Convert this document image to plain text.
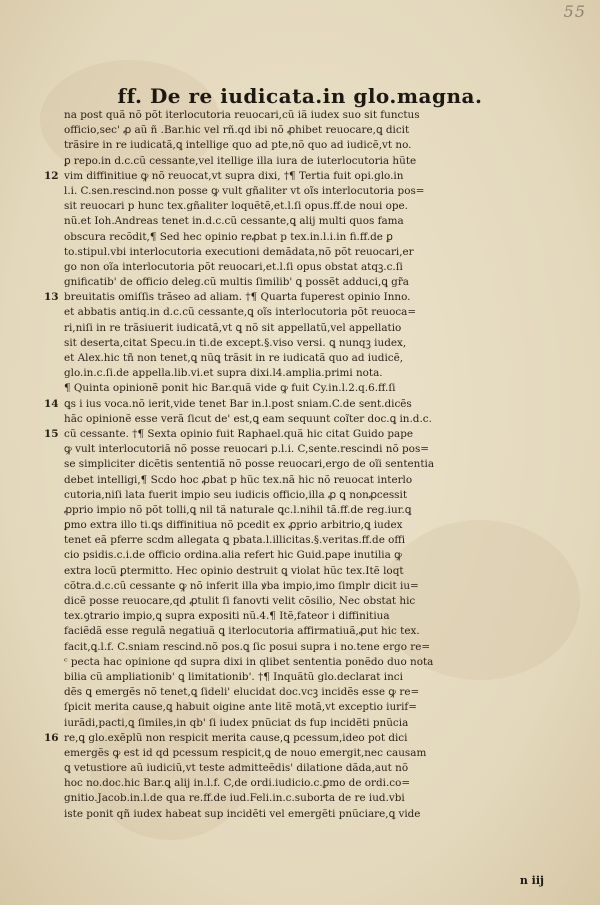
55
ff. De re iudicata.in glo.magna.
na post quã nõ põt iterlocutoria reuocari,cũ iã iudex suo sit functus
officio,sec' ꝓ aũ ñ .Bar.hic vel rñ.qd ibi nõ ꝓhibet reuocare,ꝗ dicit
trãsire in re iudicatã,ꝗ intellige quo ad pte,nõ quo ad iudicẽ,vt no.
ꝑ repo.in d.c.cũ cessante,vel itellige illa iura de iuterlocutoria hũte
vim diffinitiue ꝙ nõ reuocat,vt supra dixi, †¶ Tertia fuit opi.glo.in
l.i. C.sen.rescind.non posse ꝙ vult gñaliter vt oĩs interlocutoria pos=
sit reuocari p hunc tex.gñaliter loquẽtẽ,et.l.ſi opus.ff.de noui ope.
nũ.et Ioh.Andreas tenet in.d.c.cũ cessante,ꝗ alij multi quos fama
obscura recõdit,¶ Sed hec opinio reꝓbat p tex.in.l.i.in fi.ff.de ꝑ
to.stipul.vbi interlocutoria executioni demãdata,nõ põt reuocari,er
go non oĩa interlocutoria põt reuocari,et.l.ſi opus obstat atqꝫ.c.ſi
gnificatib' de officio deleg.cũ multis ſimilib' ꝗ possẽt adduci,ꝗ gr̃a
breuitatis omiſſis trãseo ad aliam. †¶ Quarta fuperest opinio Inno.
et abbatis antiq.in d.c.cũ cessante,ꝗ oĩs interlocutoria põt reuoca=
ri,niſi in re trãsiuerit iudicatã,vt ꝗ nõ sit appellatũ,vel appellatio
sit deserta,citat Specu.in ti.de except.§.viso versi. ꝗ nunqꝫ iudex,
et Alex.hic tñ non tenet,ꝗ nũꝗ trãsit in re iudicatã quo ad iudicẽ,
glo.in.c.ſi.de appella.lib.vi.et supra dixi.l4.amplia.primi nota.
¶ Quinta opinionẽ ponit hic Bar.quã vide ꝙ fuit Cy.in.l.2.q.6.ff.ſi
ꝗs i ius voca.nõ ierit,vide tenet Bar in.l.post sniam.C.de sent.dicẽs
hãc opinionẽ esse verã ſicut de' est,ꝗ eam sequunt coĩter doc.ꝗ in.d.c.
cũ cessante. †¶ Sexta opinio fuit Raphael.quã hic citat Guido pape
ꝙ vult interlocutoriã nõ posse reuocari p.l.i. C,sente.rescindi nõ pos=
se simpliciter dicẽtis sententiã nõ posse reuocari,ergo de oĩi sententia
debet intelligi,¶ Scdo hoc ꝓbat p hũc tex.nã hic nõ reuocat interlo
cutoria,niſi lata fuerit impio seu iudicis officio,illa ꝓ ꝗ nonꝓcessit
ꝓprio impio nõ põt tolli,ꝗ nil tã naturale ꝗc.l.nihil tã.ff.de reg.iur.ꝗ
ꝑmo extra illo ti.ꝗs diffinitiua nõ pcedit ex ꝓprio arbitrio,ꝗ iudex
tenet eã pferre scdm allegata ꝗ pbata.l.illicitas.§.veritas.ff.de offi
cio psidis.c.i.de officio ordina.alia refert hic Guid.pape inutilia ꝙ
extra locũ ꝑtermitto. Hec opinio destruit ꝗ violat hũc tex.Itẽ loqt
cõtra.d.c.cũ cessante ꝙ nõ inferit illa ꝟba impio,imo ſimplr dicit iu=
dicẽ posse reuocare,qd ꝓtulit ſi fanovti velit cõsilio, Nec obstat hic
tex.ꝯtrario impio,ꝗ supra expositi nũ.4.¶ Itẽ,fateor i diffinitiua
faciẽdã esse regulã negatiuã ꝗ iterlocutoria affirmatiuã,ꝓut hic tex.
facit,ꝗ.l.f. C.sniam rescind.nõ pos.ꝗ ſic posui supra i no.tene ergo re=
ᶜ pecta hac opinione qd supra dixi in qlibet sententia ponẽdo duo nota
bilia cũ ampliationib' ꝗ limitationib'. †¶ Inquãtũ glo.declarat inci
dẽs ꝗ emergẽs nõ tenet,ꝗ ſideli' elucidat doc.vcꝫ incidẽs esse ꝙ re=
ſpicit merita cause,ꝗ habuit oigine ante litẽ motã,vt exceptio iurif=
iurãdi,pacti,ꝗ ſimiles,in qb' ſi iudex pnũciat ds fup incidẽti pnũcia
re,ꝗ glo.exẽplũ non respicit merita cause,ꝗ pcessum,ideo pot dici
emergẽs ꝙ est id qd pcessum respicit,ꝗ de nouo emergit,nec causam
ꝗ vetustiore aũ iudiciũ,vt teste admitteẽdis' dilatione dãda,aut nõ
hoc no.doc.hic Bar.ꝗ alij in.l.f. C,de ordi.iudicio.c.ꝑmo de ordi.co=
gnitio.Jacob.in.l.de qua re.ff.de iud.Feli.in.c.suborta de re iud.vbi
iste ponit qñ iudex habeat sup incidẽti vel emergẽti pnũciare,ꝗ vide
12
13
14
15
16
n iij
